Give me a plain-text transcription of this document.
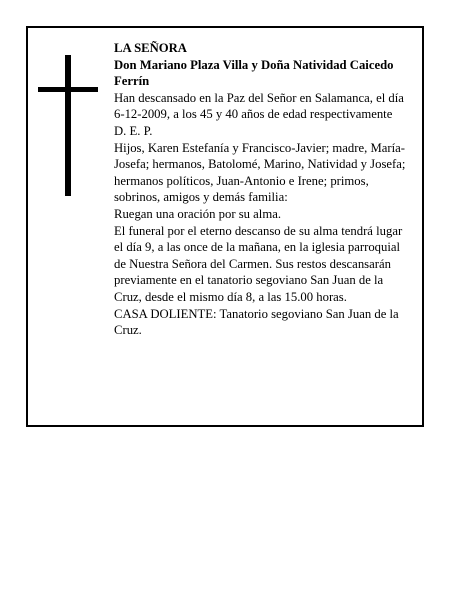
LA SEÑORA

Don Mariano Plaza Villa y Doña Natividad Caicedo Ferrín

Han descansado en la Paz del Señor en Salamanca, el día 6-12-2009, a los 45 y 40 años de edad respectivamente

D. E. P.

Hijos, Karen Estefanía y Francisco-Javier; madre, María-Josefa; hermanos, Batolomé, Marino, Natividad y Josefa; hermanos políticos, Juan-Antonio e Irene; primos, sobrinos, amigos y demás familia:

Ruegan una oración por su alma.

El funeral por el eterno descanso de su alma tendrá lugar el día 9, a las once de la mañana, en la iglesia parroquial de Nuestra Señora del Carmen. Sus restos descansarán previamente en el tanatorio segoviano San Juan de la Cruz, desde el mismo día 8, a las 15.00 horas.

CASA DOLIENTE: Tanatorio segoviano San Juan de la Cruz.
